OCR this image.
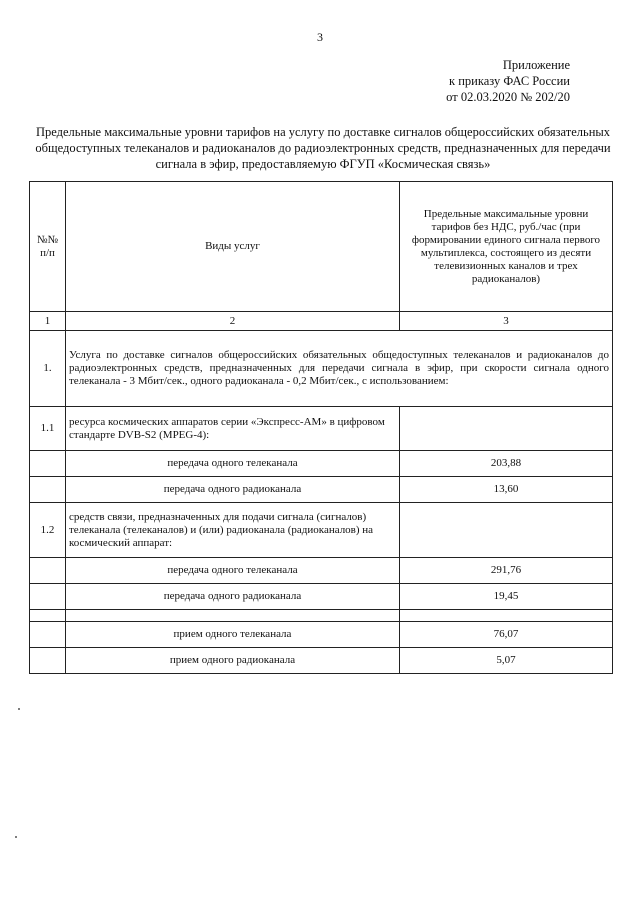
3
Приложение
к приказу ФАС России
от 02.03.2020 № 202/20
Предельные максимальные уровни тарифов на услугу по доставке сигналов общероссийских обязательных общедоступных телеканалов и радиоканалов до радиоэлектронных средств, предназначенных для передачи сигнала в эфир, предоставляемую ФГУП «Космическая связь»
№№ п/п	Виды услуг	Предельные максимальные уровни тарифов без НДС, руб./час (при формировании единого сигнала первого мультиплекса, состоящего из десяти телевизионных каналов и трех радиоканалов)
1	2	3
1.	Услуга по доставке сигналов общероссийских обязательных общедоступных телеканалов и радиоканалов до радиоэлектронных средств, предназначенных для передачи сигнала в эфир, при скорости сигнала одного телеканала - 3 Мбит/сек., одного радиоканала - 0,2 Мбит/сек., с использованием:	
1.1	ресурса космических аппаратов серии «Экспресс-АМ» в цифровом стандарте DVB-S2 (MPEG-4):	
	передача одного телеканала	203,88
	передача одного радиоканала	13,60
1.2	средств связи, предназначенных для подачи сигнала (сигналов) телеканала (телеканалов) и (или) радиоканала (радиоканалов) на космический аппарат:	
	передача одного телеканала	291,76
	передача одного радиоканала	19,45

	прием одного телеканала	76,07
	прием одного радиоканала	5,07
